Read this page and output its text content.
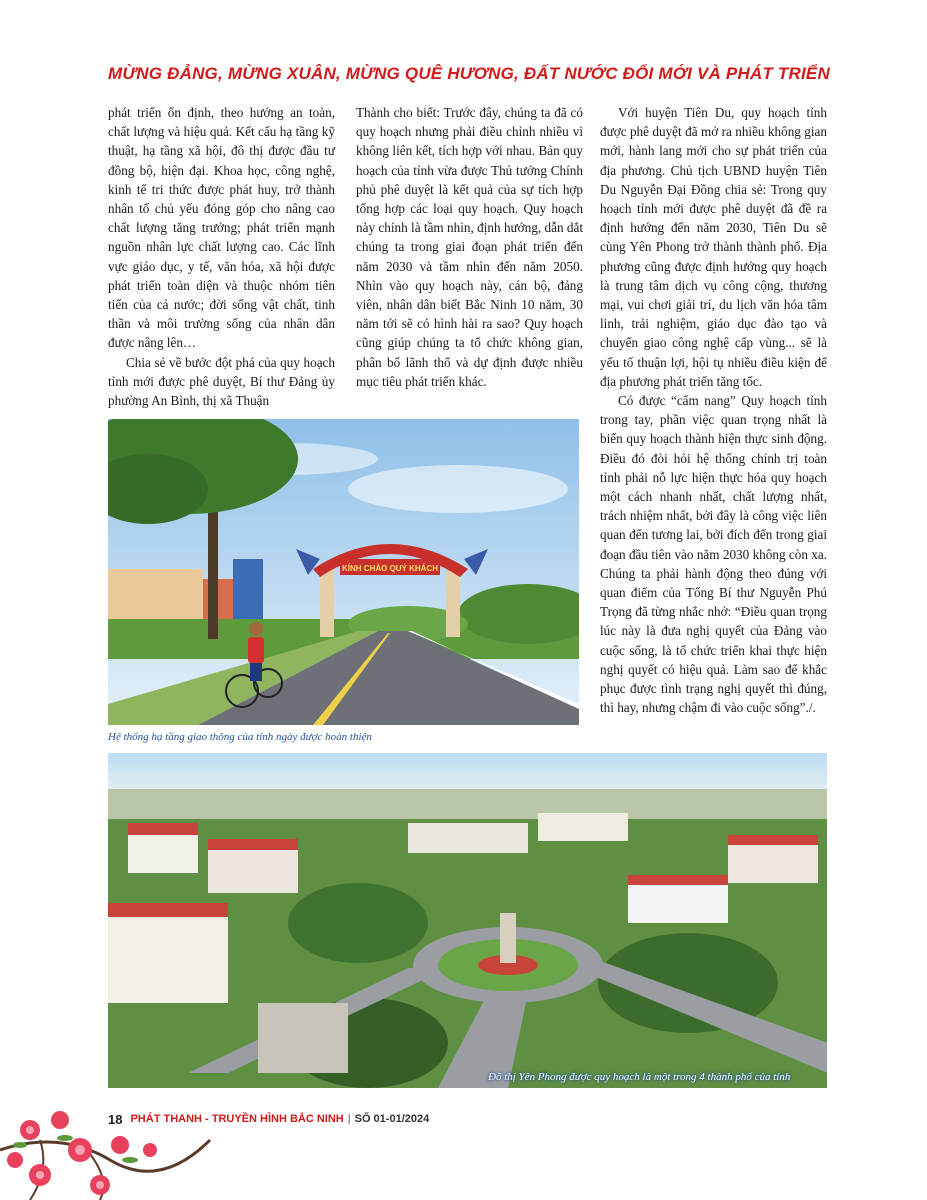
MỪNG ĐẢNG, MỪNG XUÂN, MỪNG QUÊ HƯƠNG, ĐẤT NƯỚC ĐỔI MỚI VÀ PHÁT TRIỂN

phát triển ổn định, theo hướng an toàn, chất lượng và hiệu quả. Kết cấu hạ tầng kỹ thuật, hạ tầng xã hội, đô thị được đầu tư đồng bộ, hiện đại. Khoa học, công nghệ, kinh tế tri thức được phát huy, trở thành nhân tố chủ yếu đóng góp cho nâng cao chất lượng tăng trưởng; phát triển mạnh nguồn nhân lực chất lượng cao. Các lĩnh vực giáo dục, y tế, văn hóa, xã hội được phát triển toàn diện và thuộc nhóm tiên tiến của cả nước; đời sống vật chất, tinh thần và môi trường sống của nhân dân được nâng lên…

Chia sẻ về bước đột phá của quy hoạch tỉnh mới được phê duyệt, Bí thư Đảng ủy phường An Bình, thị xã Thuận

Thành cho biết: Trước đây, chúng ta đã có quy hoạch nhưng phải điều chỉnh nhiều vì không liên kết, tích hợp với nhau. Bản quy hoạch của tỉnh vừa được Thủ tướng Chính phủ phê duyệt là kết quả của sự tích hợp tổng hợp các loại quy hoạch. Quy hoạch này chính là tầm nhìn, định hướng, dẫn dắt chúng ta trong giai đoạn phát triển đến năm 2030 và tầm nhìn đến năm 2050. Nhìn vào quy hoạch này, cán bộ, đảng viên, nhân dân biết Bắc Ninh 10 năm, 30 năm tới sẽ có hình hài ra sao? Quy hoạch cũng giúp chúng ta tổ chức không gian, phân bổ lãnh thổ và dự định được nhiều mục tiêu phát triển khác.

Với huyện Tiên Du, quy hoạch tỉnh được phê duyệt đã mở ra nhiều không gian mới, hành lang mới cho sự phát triển của địa phương. Chủ tịch UBND huyện Tiên Du Nguyễn Đại Đồng chia sẻ: Trong quy hoạch tỉnh mới được phê duyệt đã đề ra định hướng đến năm 2030, Tiên Du sẽ cùng Yên Phong trở thành thành phố. Địa phương cũng được định hướng quy hoạch là trung tâm dịch vụ công cộng, thương mại, vui chơi giải trí, du lịch văn hóa tâm linh, trải nghiệm, giáo dục đào tạo và chuyển giao công nghệ cấp vùng... sẽ là yếu tố thuận lợi, hội tụ nhiều điều kiện để địa phương phát triển tăng tốc.

Có được “cẩm nang” Quy hoạch tỉnh trong tay, phần việc quan trọng nhất là biến quy hoạch thành hiện thực sinh động. Điều đó đòi hỏi hệ thống chính trị toàn tỉnh phải nỗ lực hiện thực hóa quy hoạch một cách nhanh nhất, chất lượng nhất, trách nhiệm nhất, bởi đây là công việc liên quan đến tương lai, bởi đích đến trong giai đoạn đầu tiên vào năm 2030 không còn xa. Chúng ta phải hành động theo đúng với quan điểm của Tổng Bí thư Nguyễn Phú Trọng đã từng nhắc nhở: “Điều quan trọng lúc này là đưa nghị quyết của Đảng vào cuộc sống, là tổ chức triển khai thực hiện nghị quyết có hiệu quả. Làm sao để khắc phục được tình trạng nghị quyết thì đúng, thì hay, nhưng chậm đi vào cuộc sống”./.

KÍNH CHÀO QUÝ KHÁCH
Hệ thống hạ tầng giao thông của tỉnh ngày được hoàn thiện
Đô thị Yên Phong được quy hoạch là một trong 4 thành phố của tỉnh
18 PHÁT THANH - TRUYỀN HÌNH BẮC NINH | SỐ 01-01/2024
